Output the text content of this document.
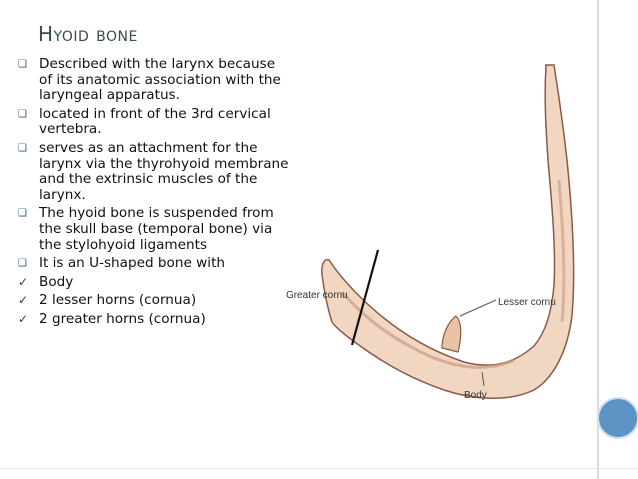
Hyoid bone
❑ Described with the larynx because of its anatomic association with the laryngeal apparatus.
❑ located in front of the 3rd cervical vertebra.
❑ serves as an attachment for the larynx via the thyrohyoid membrane and the extrinsic muscles of the larynx.
❑ The hyoid bone is suspended from the skull base (temporal bone) via the stylohyoid ligaments
❑ It is an U-shaped bone with
✓ Body
✓ 2 lesser horns (cornua)
✓ 2 greater horns (cornua)
Lesser cornu
Greater cornu
Body
